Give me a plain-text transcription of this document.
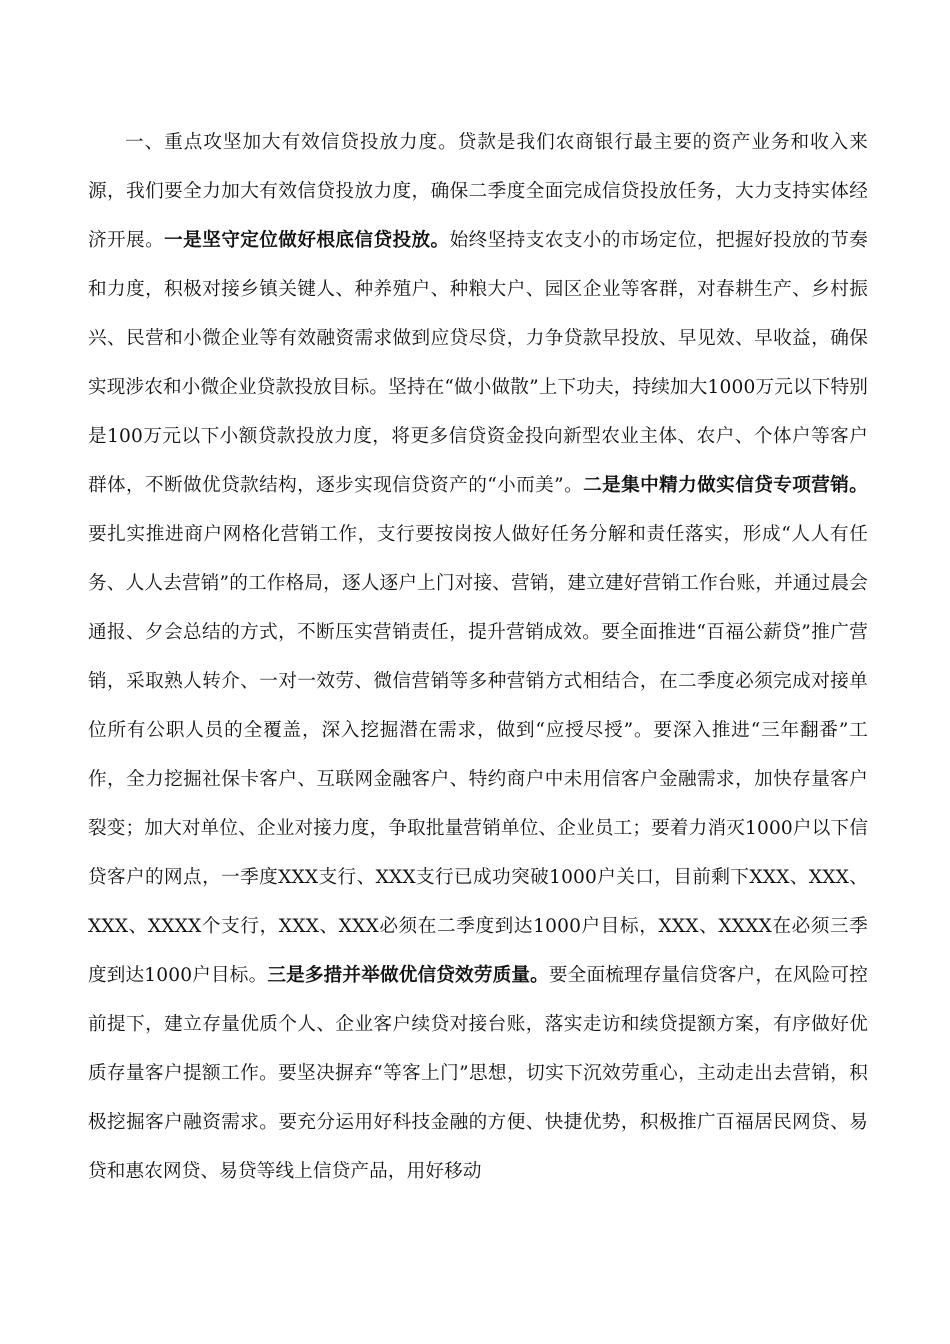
一、重点攻坚加大有效信贷投放力度。贷款是我们农商银行最主要的资产业务和收入来源，我们要全力加大有效信贷投放力度，确保二季度全面完成信贷投放任务，大力支持实体经济开展。一是坚守定位做好根底信贷投放。始终坚持支农支小的市场定位，把握好投放的节奏和力度，积极对接乡镇关键人、种养殖户、种粮大户、园区企业等客群，对春耕生产、乡村振兴、民营和小微企业等有效融资需求做到应贷尽贷，力争贷款早投放、早见效、早收益，确保实现涉农和小微企业贷款投放目标。坚持在“做小做散”上下功夫，持续加大1000万元以下特别是100万元以下小额贷款投放力度，将更多信贷资金投向新型农业主体、农户、个体户等客户群体，不断做优贷款结构，逐步实现信贷资产的“小而美”。二是集中精力做实信贷专项营销。要扎实推进商户网格化营销工作，支行要按岗按人做好任务分解和责任落实，形成“人人有任务、人人去营销”的工作格局，逐人逐户上门对接、营销，建立建好营销工作台账，并通过晨会通报、夕会总结的方式，不断压实营销责任，提升营销成效。要全面推进“百福公薪贷”推广营销，采取熟人转介、一对一效劳、微信营销等多种营销方式相结合，在二季度必须完成对接单位所有公职人员的全覆盖，深入挖掘潜在需求，做到“应授尽授”。要深入推进“三年翻番”工作，全力挖掘社保卡客户、互联网金融客户、特约商户中未用信客户金融需求，加快存量客户裂变；加大对单位、企业对接力度，争取批量营销单位、企业员工；要着力消灭1000户以下信贷客户的网点，一季度XXX支行、XXX支行已成功突破1000户关口，目前剩下XXX、XXX、XXX、XXXX个支行，XXX、XXX必须在二季度到达1000户目标，XXX、XXXX在必须三季度到达1000户目标。三是多措并举做优信贷效劳质量。要全面梳理存量信贷客户，在风险可控前提下，建立存量优质个人、企业客户续贷对接台账，落实走访和续贷提额方案，有序做好优质存量客户提额工作。要坚决摒弃“等客上门”思想，切实下沉效劳重心，主动走出去营销，积极挖掘客户融资需求。要充分运用好科技金融的方便、快捷优势，积极推广百福居民网贷、易贷和惠农网贷、易贷等线上信贷产品，用好移动
